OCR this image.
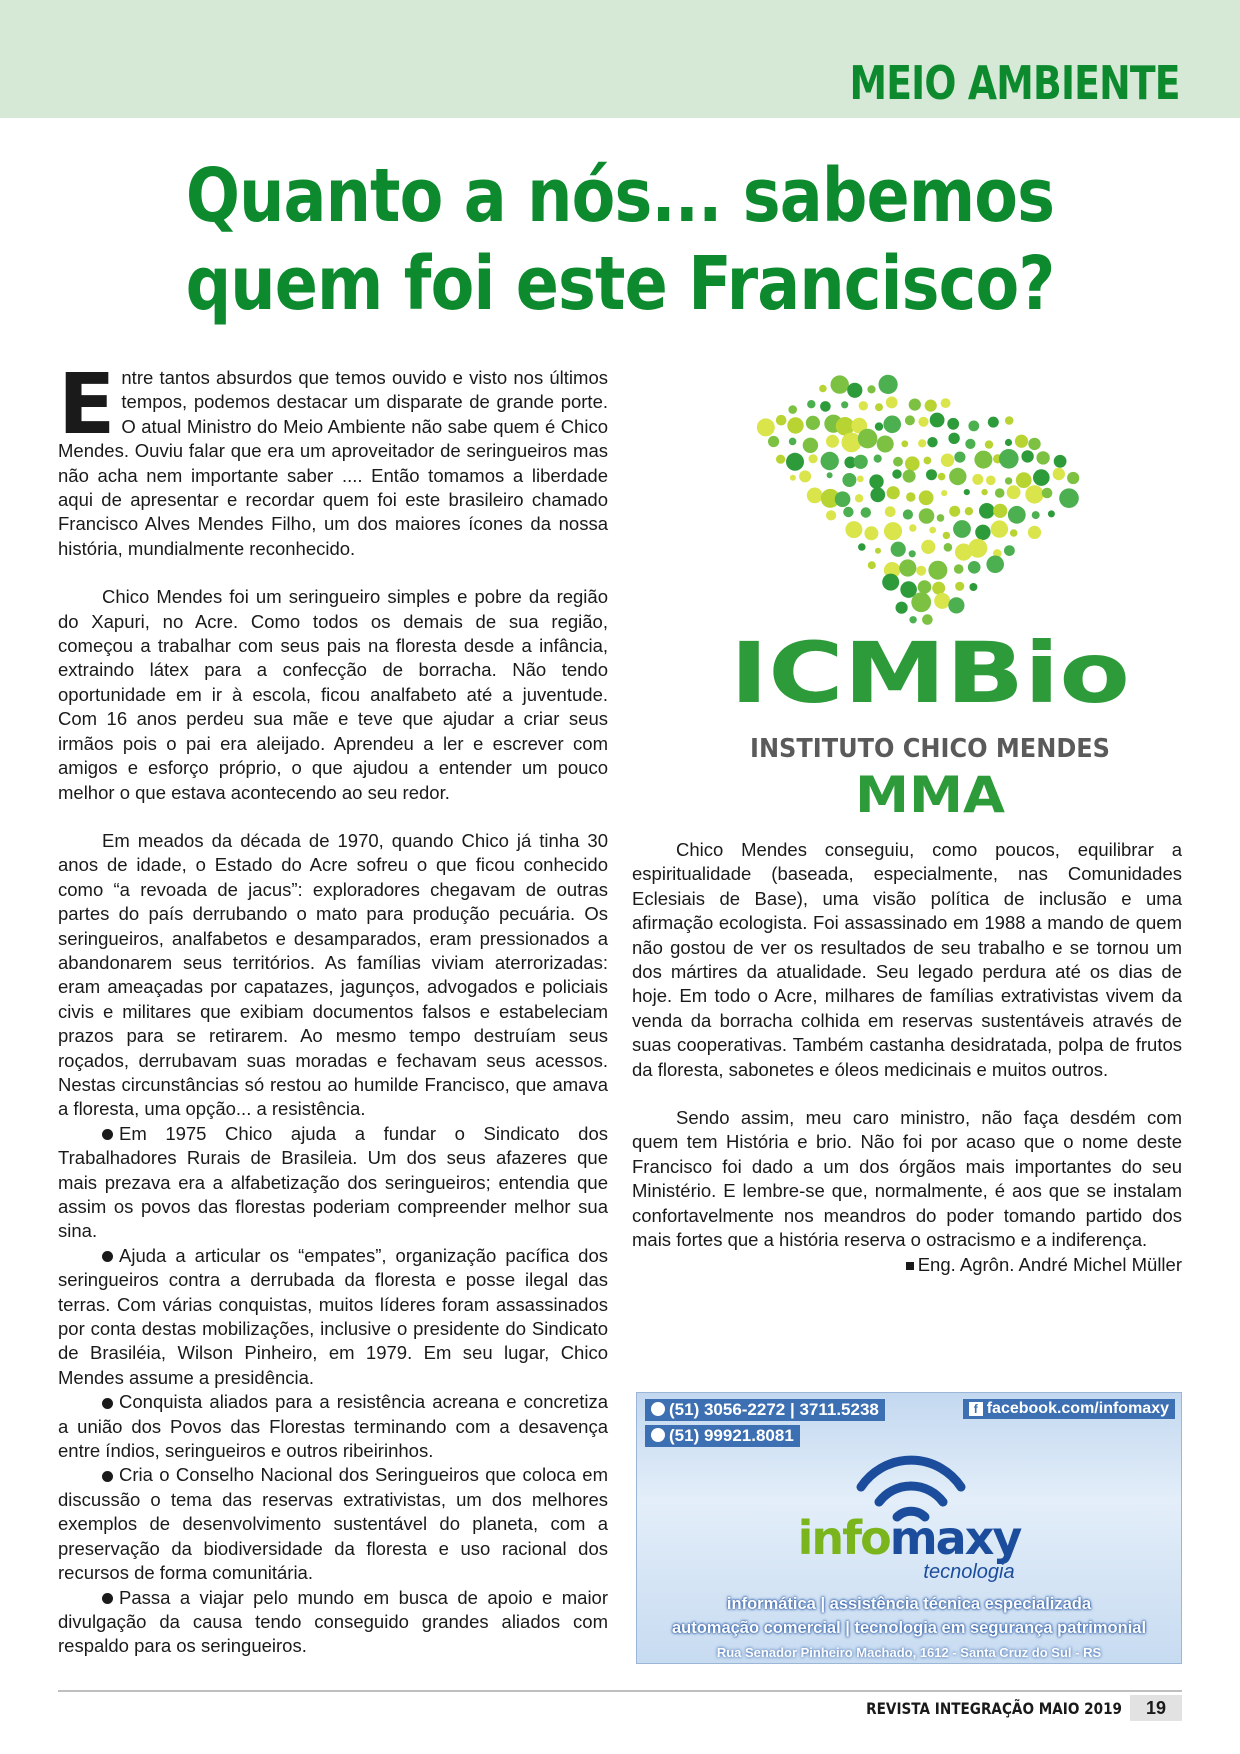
MEIO AMBIENTE
Quanto a nós... sabemos
quem foi este Francisco?

Entre tantos absurdos que temos ouvido e visto nos últimos tempos, podemos destacar um disparate de grande porte. O atual Ministro do Meio Ambiente não sabe quem é Chico Mendes. Ouviu falar que era um aproveitador de seringueiros mas não acha nem importante saber .... Então tomamos a liberdade aqui de apresentar e recordar quem foi este brasileiro chamado Francisco Alves Mendes Filho, um dos maiores ícones da nossa história, mundialmente reconhecido.

Chico Mendes foi um seringueiro simples e pobre da região do Xapuri, no Acre. Como todos os demais de sua região, começou a trabalhar com seus pais na floresta desde a infância, extraindo látex para a confecção de borracha. Não tendo oportunidade em ir à escola, ficou analfabeto até a juventude. Com 16 anos perdeu sua mãe e teve que ajudar a criar seus irmãos pois o pai era aleijado. Aprendeu a ler e escrever com amigos e esforço próprio, o que ajudou a entender um pouco melhor o que estava acontecendo ao seu redor.

Em meados da década de 1970, quando Chico já tinha 30 anos de idade, o Estado do Acre sofreu o que ficou conhecido como “a revoada de jacus”: exploradores chegavam de outras partes do país derrubando o mato para produção pecuária. Os seringueiros, analfabetos e desamparados, eram pressionados a abandonarem seus territórios. As famílias viviam aterrorizadas: eram ameaçadas por capatazes, jagunços, advogados e policiais civis e militares que exibiam documentos falsos e estabeleciam prazos para se retirarem. Ao mesmo tempo destruíam seus roçados, derrubavam suas moradas e fechavam seus acessos. Nestas circunstâncias só restou ao humilde Francisco, que amava a floresta, uma opção... a resistência.

Em 1975 Chico ajuda a fundar o Sindicato dos Trabalhadores Rurais de Brasileia. Um dos seus afazeres que mais prezava era a alfabetização dos seringueiros; entendia que assim os povos das florestas poderiam compreender melhor sua sina.

Ajuda a articular os “empates”, organização pacífica dos seringueiros contra a derrubada da floresta e posse ilegal das terras. Com várias conquistas, muitos líderes foram assassinados por conta destas mobilizações, inclusive o presidente do Sindicato de Brasiléia, Wilson Pinheiro, em 1979. Em seu lugar, Chico Mendes assume a presidência.

Conquista aliados para a resistência acreana e concretiza a união dos Povos das Florestas terminando com a desavença entre índios, seringueiros e outros ribeirinhos.

Cria o Conselho Nacional dos Seringueiros que coloca em discussão o tema das reservas extrativistas, um dos melhores exemplos de desenvolvimento sustentável do planeta, com a preservação da biodiversidade da floresta e uso racional dos recursos de forma comunitária.

Passa a viajar pelo mundo em busca de apoio e maior divulgação da causa tendo conseguido grandes aliados com respaldo para os seringueiros.

ICMBio
INSTITUTO CHICO MENDES
MMA

Chico Mendes conseguiu, como poucos, equilibrar a espiritualidade (baseada, especialmente, nas Comunidades Eclesiais de Base), uma visão política de inclusão e uma afirmação ecologista. Foi assassinado em 1988 a mando de quem não gostou de ver os resultados de seu trabalho e se tornou um dos mártires da atualidade. Seu legado perdura até os dias de hoje. Em todo o Acre, milhares de famílias extrativistas vivem da venda da borracha colhida em reservas sustentáveis através de suas cooperativas. Também castanha desidratada, polpa de frutos da floresta, sabonetes e óleos medicinais e muitos outros.

Sendo assim, meu caro ministro, não faça desdém com quem tem História e brio. Não foi por acaso que o nome deste Francisco foi dado a um dos órgãos mais importantes do seu Ministério. E lembre-se que, normalmente, é aos que se instalam confortavelmente nos meandros do poder tomando partido dos mais fortes que a história reserva o ostracismo e a indiferença.

Eng. Agrôn. André Michel Müller

(51) 3056-2272 | 3711.5238
(51) 99921.8081
f facebook.com/infomaxy
infomaxy
tecnologia
informática | assistência técnica especializada
automação comercial | tecnologia em segurança patrimonial
Rua Senador Pinheiro Machado, 1612 - Santa Cruz do Sul - RS
REVISTA INTEGRAÇÃO MAIO 2019	19
